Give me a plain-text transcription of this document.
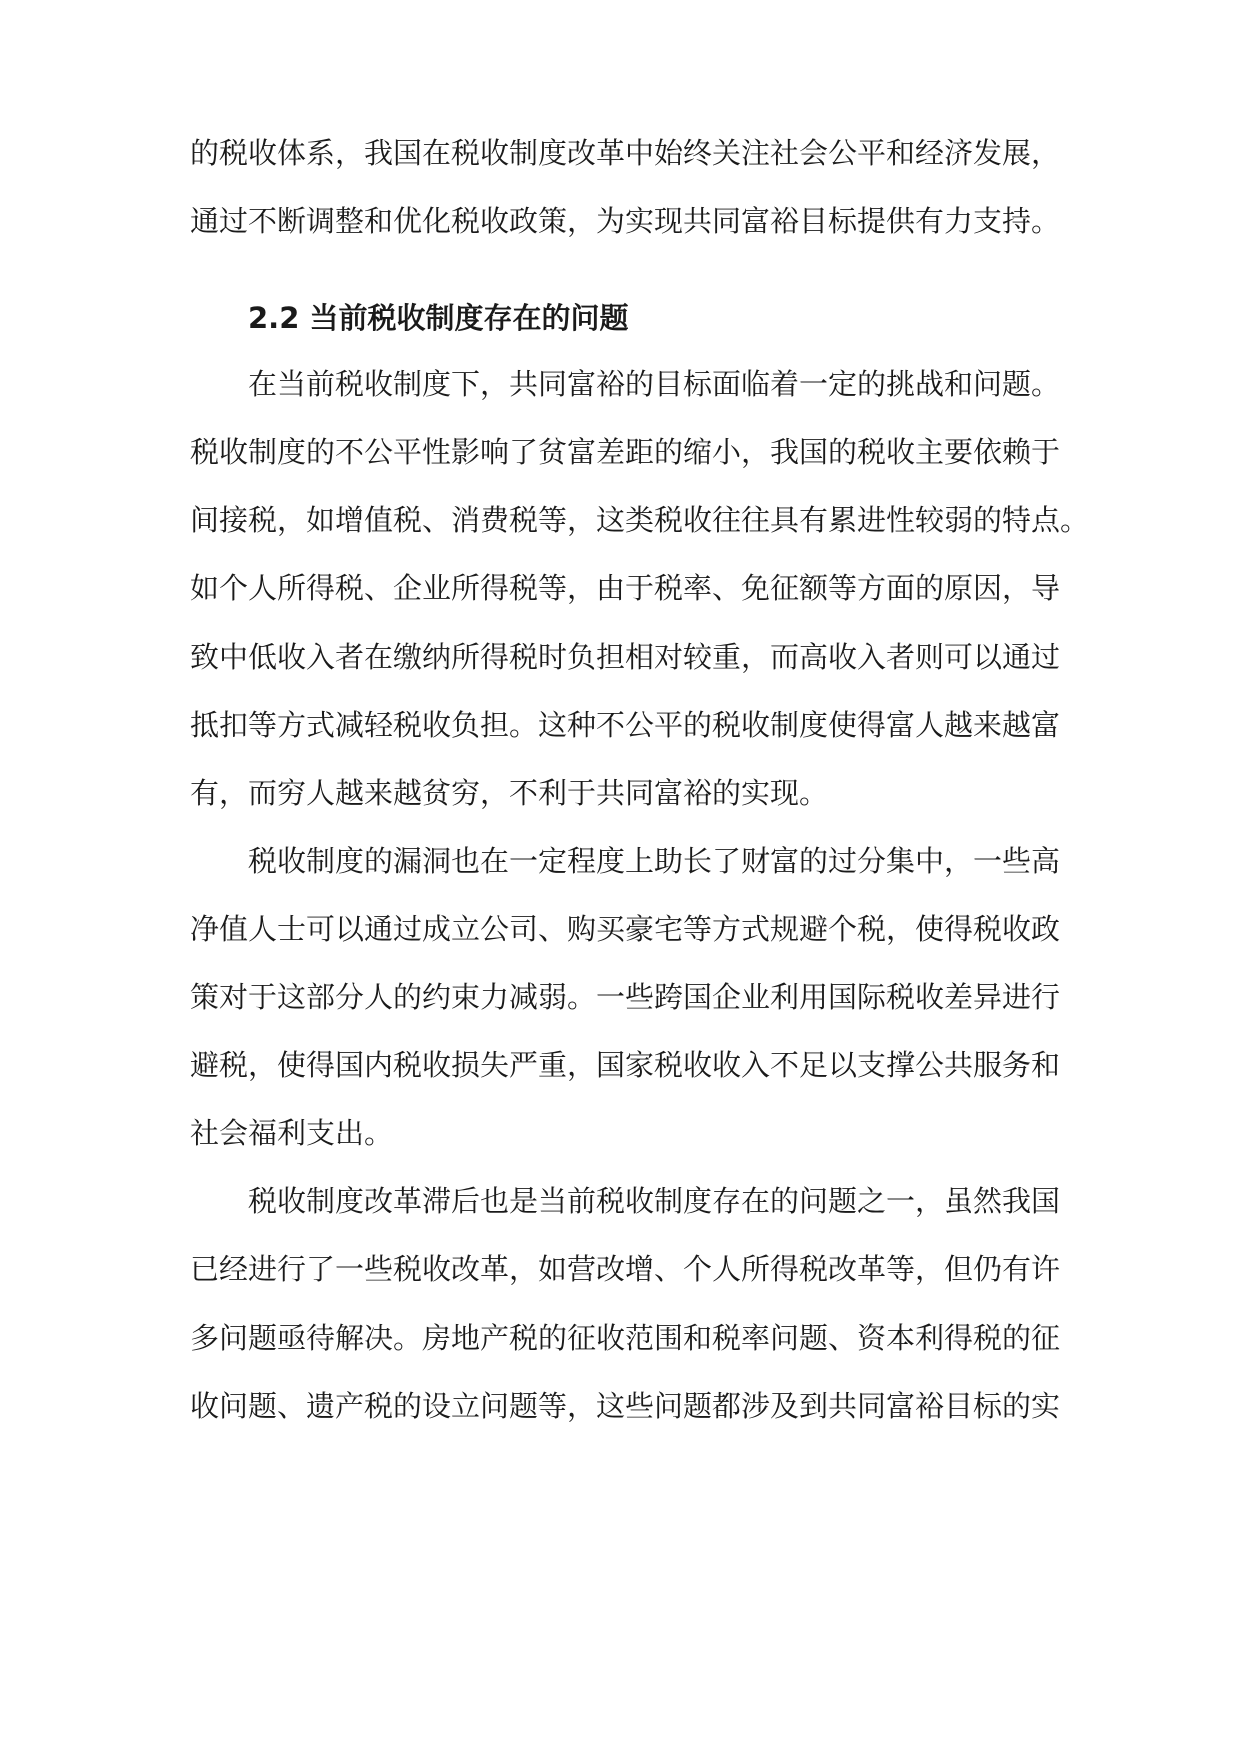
的税收体系，我国在税收制度改革中始终关注社会公平和经济发展，
通过不断调整和优化税收政策，为实现共同富裕目标提供有力支持。
2.2 当前税收制度存在的问题
在当前税收制度下，共同富裕的目标面临着一定的挑战和问题。
税收制度的不公平性影响了贫富差距的缩小，我国的税收主要依赖于
间接税，如增值税、消费税等，这类税收往往具有累进性较弱的特点。
如个人所得税、企业所得税等，由于税率、免征额等方面的原因，导
致中低收入者在缴纳所得税时负担相对较重，而高收入者则可以通过
抵扣等方式减轻税收负担。这种不公平的税收制度使得富人越来越富
有，而穷人越来越贫穷，不利于共同富裕的实现。
税收制度的漏洞也在一定程度上助长了财富的过分集中，一些高
净值人士可以通过成立公司、购买豪宅等方式规避个税，使得税收政
策对于这部分人的约束力减弱。一些跨国企业利用国际税收差异进行
避税，使得国内税收损失严重，国家税收收入不足以支撑公共服务和
社会福利支出。
税收制度改革滞后也是当前税收制度存在的问题之一，虽然我国
已经进行了一些税收改革，如营改增、个人所得税改革等，但仍有许
多问题亟待解决。房地产税的征收范围和税率问题、资本利得税的征
收问题、遗产税的设立问题等，这些问题都涉及到共同富裕目标的实
